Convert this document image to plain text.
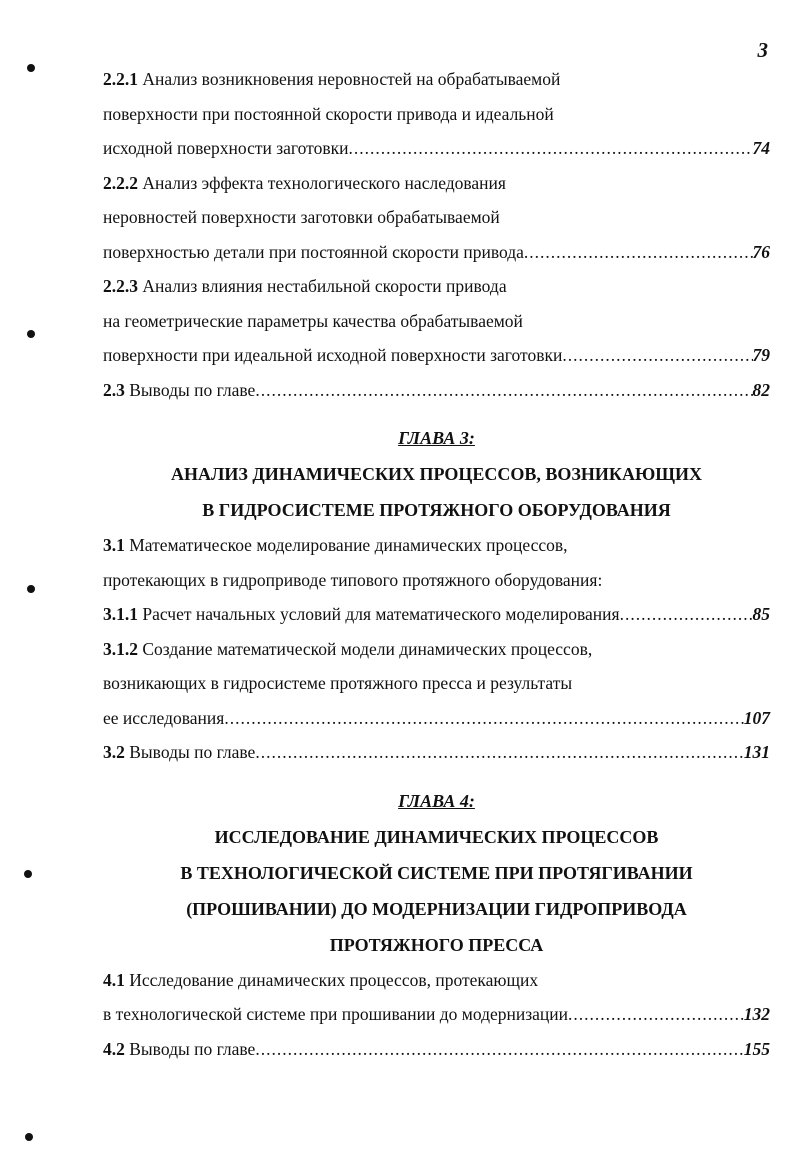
3
2.2.1 Анализ возникновения неровностей на обрабатываемой
поверхности при постоянной скорости привода и идеальной
исходной поверхности заготовки .....	74
2.2.2 Анализ эффекта технологического наследования
неровностей поверхности заготовки обрабатываемой
поверхностью детали при постоянной скорости привода .....	76
2.2.3 Анализ влияния нестабильной скорости привода
на геометрические параметры качества обрабатываемой
поверхности при идеальной исходной поверхности заготовки .....	79
2.3 Выводы по главе .....	82
ГЛАВА 3:
АНАЛИЗ ДИНАМИЧЕСКИХ ПРОЦЕССОВ, ВОЗНИКАЮЩИХ
В ГИДРОСИСТЕМЕ ПРОТЯЖНОГО ОБОРУДОВАНИЯ
3.1 Математическое моделирование динамических процессов,
протекающих в гидроприводе типового протяжного оборудования:
3.1.1 Расчет начальных условий для математического моделирования .....	85
3.1.2 Создание математической модели динамических процессов,
возникающих в гидросистеме протяжного пресса и результаты
ее исследования .....	107
3.2 Выводы по главе .....	131
ГЛАВА 4:
ИССЛЕДОВАНИЕ ДИНАМИЧЕСКИХ ПРОЦЕССОВ
В ТЕХНОЛОГИЧЕСКОЙ СИСТЕМЕ ПРИ ПРОТЯГИВАНИИ
(ПРОШИВАНИИ) ДО МОДЕРНИЗАЦИИ ГИДРОПРИВОДА
ПРОТЯЖНОГО ПРЕССА
4.1 Исследование динамических процессов, протекающих
в технологической системе при прошивании до модернизации .....	132
4.2 Выводы по главе .....	155
